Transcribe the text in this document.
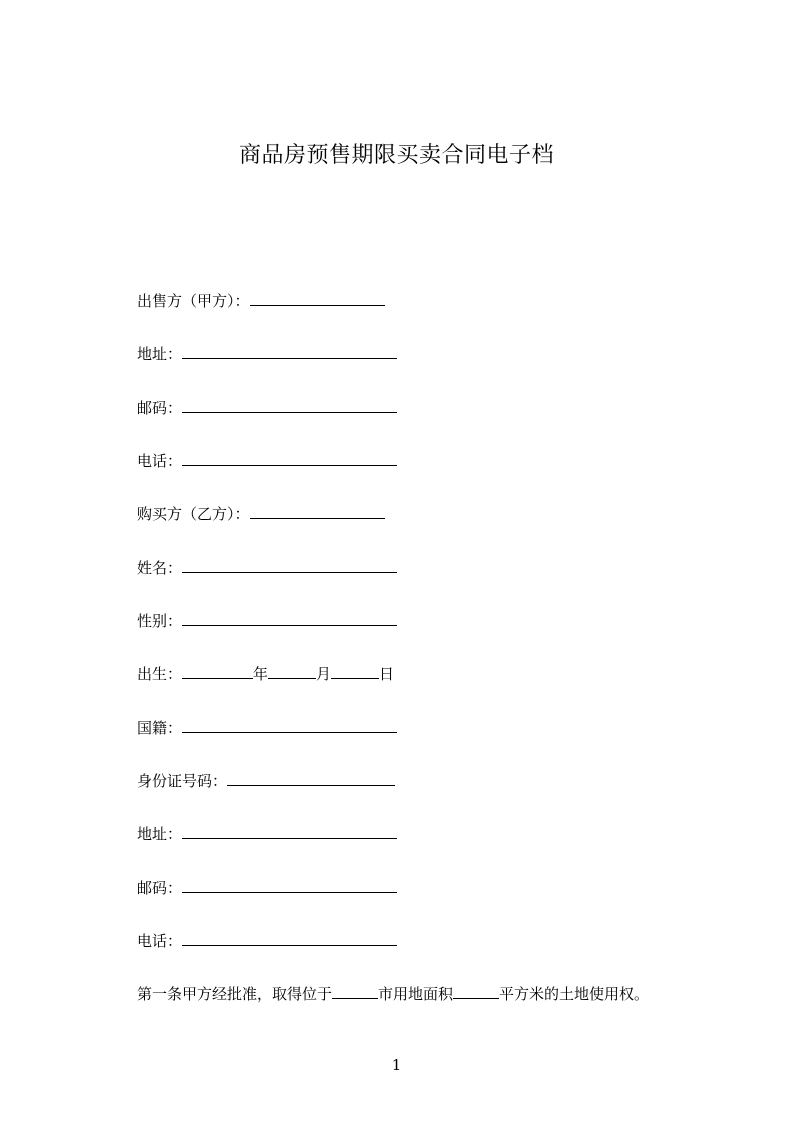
商品房预售期限买卖合同电子档
出售方（甲方）：
地址：
邮码：
电话：
购买方（乙方）：
姓名：
性别：
出生：	年	月	日
国籍：
身份证号码：
地址：
邮码：
电话：
第一条甲方经批准，取得位于	市用地面积	平方米的土地使用权。
1
